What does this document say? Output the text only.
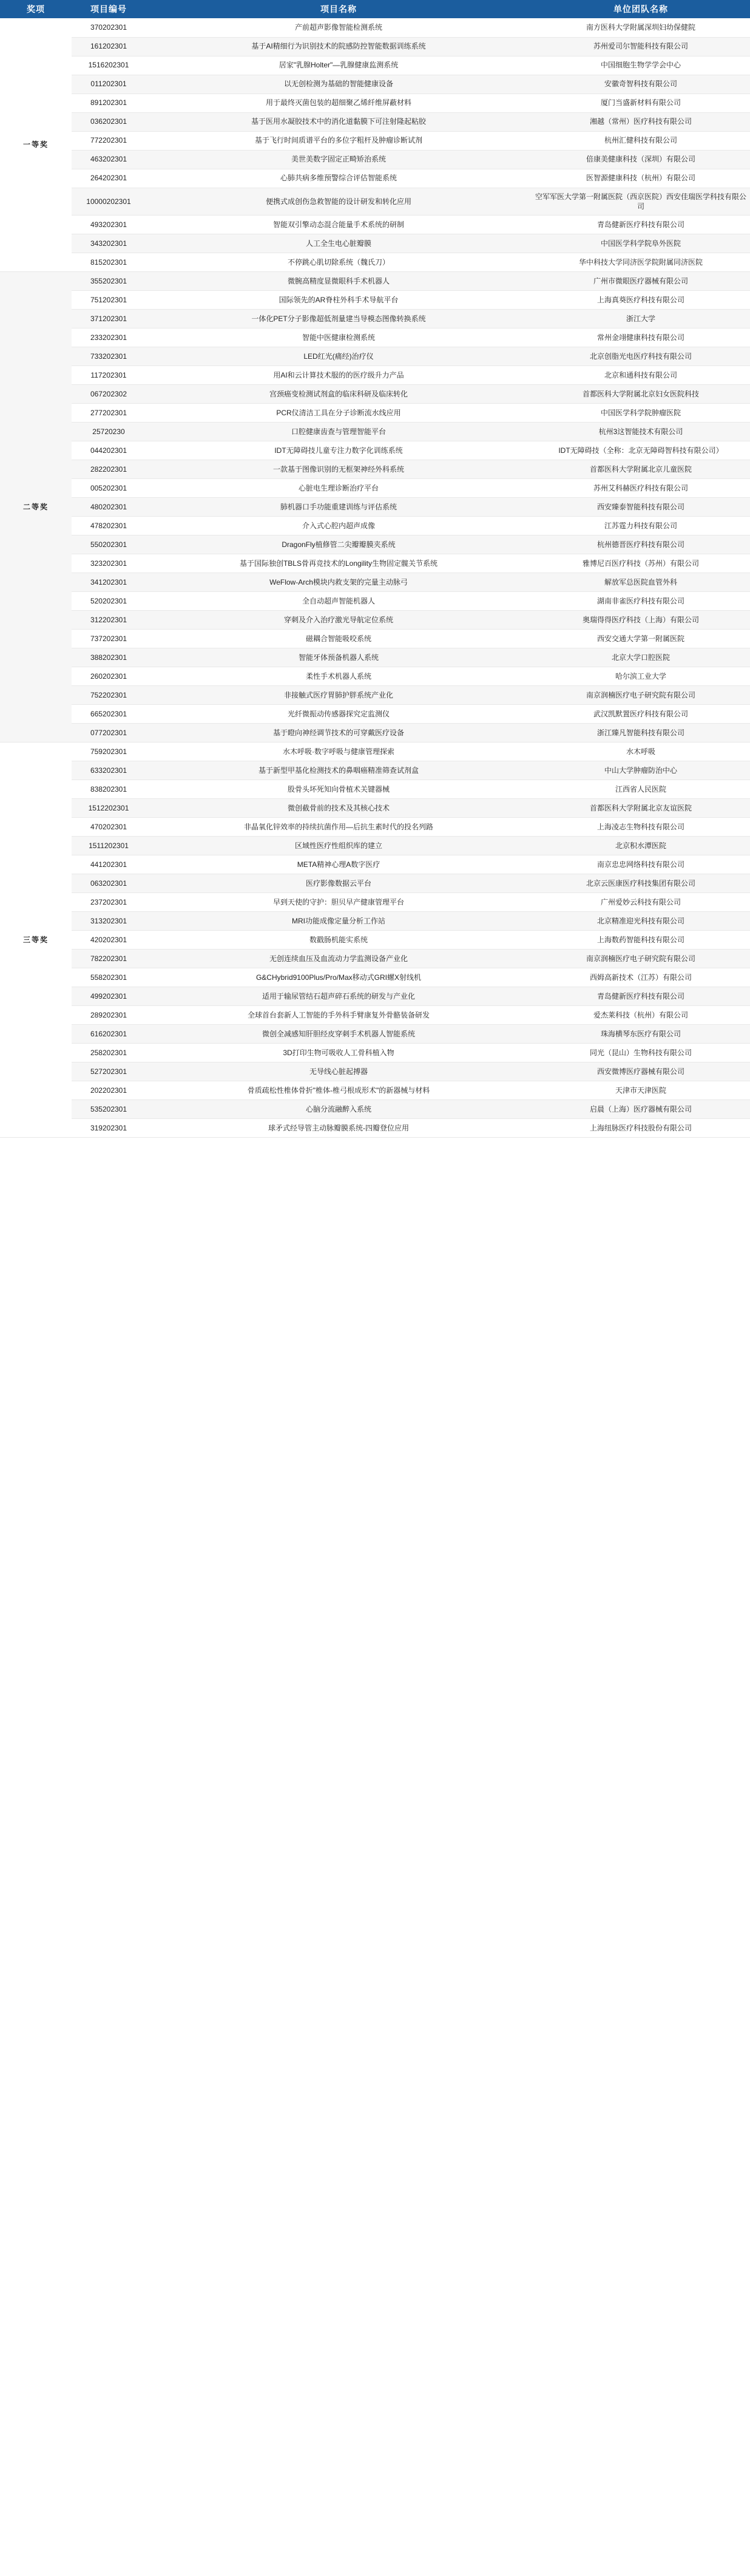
奖项	项目编号	项目名称	单位团队名称
一等奖	370202301	产前超声影像智能检测系统	南方医科大学附属深圳妇幼保健院
	161202301	基于AI精细行为识别技术的院感防控智能数据训练系统	苏州爱司尔智能科技有限公司
	1516202301	居家"乳腺Holter"—乳腺健康监测系统	中国细胞生物学学会中心
	011202301	以无创检测为基础的智能健康设备	安徽奇智科技有限公司
	891202301	用于最终灭菌包装的超细聚乙烯纤维屏蔽材料	厦门当盛新材料有限公司
	036202301	基于医用水凝胶技术中的消化道黏膜下可注射隆起粘胶	湘越（常州）医疗科技有限公司
	772202301	基于飞行时间质谱平台的多位字粗杆及肿瘤诊断试剂	杭州汇健科技有限公司
	463202301	美世美数字固定正畸矫治系统	倍康美健康科技（深圳）有限公司
	264202301	心肺共病多维预警综合评估智能系统	医智源健康科技（杭州）有限公司
	10000202301	便携式成创伤急救智能的设计研发和转化应用	空军军医大学第一附属医院（西京医院）西安佳瑞医学科技有限公司
	493202301	智能双引擎动态混合能量手术系统的研制	青岛健新医疗科技有限公司
	343202301	人工全生电心脏瓣膜	中国医学科学院阜外医院
	815202301	不停跳心肌切除系统（魏氏刀）	华中科技大学同济医学院附属同济医院
二等奖	355202301	微腕高精度显微眼科手术机器人	广州市微眼医疗器械有限公司
	751202301	国际领先的AR脊柱外科手术导航平台	上海真葵医疗科技有限公司
	371202301	一体化PET分子影像超低剂量建当导模态图像转换系统	浙江大学
	233202301	智能中医健康检测系统	常州金翊健康科技有限公司
	733202301	LED红光(痛经)治疗仪	北京创脂光电医疗科技有限公司
	117202301	用AI和云计算技术服的的医疗级升力产品	北京和通科技有限公司
	067202302	宫颈癌变检测试剂盒的临床科研及临床转化	首都医科大学附属北京妇女医院科技
	277202301	PCR仪清洁工具在分子诊断流水线应用	中国医学科学院肿瘤医院
	25720230	口腔健康齿查与管理智能平台	杭州3这智能技术有限公司
	044202301	IDT无障碍技儿童专注力数字化训练系统	IDT无障碍技（全称：北京无障碍智科技有限公司）
	282202301	一款基于图像识别的无框架神经外科系统	首都医科大学附属北京儿童医院
	005202301	心脏电生理诊断治疗平台	苏州艾科赫医疗科技有限公司
	480202301	肺机器口手功能重建训练与评估系统	西安臻泰智能科技有限公司
	478202301	介入式心腔内超声成像	江苏霆力科技有限公司
	550202301	DragonFly植修管二尖瓣瓣膜夹系统	杭州德晋医疗科技有限公司
	323202301	基于国际独创TBLS骨再竞技术的Longility生物固定髋关节系统	雅博尼百医疗科技（苏州）有限公司
	341202301	WeFlow-Arch模块内救支架的完量主动脉弓	解放军总医院血管外科
	520202301	全自动超声智能机器人	湖南非雀医疗科技有限公司
	312202301	穿刺及介入治疗激光导航定位系统	奥瑞得得医疗科技（上海）有限公司
	737202301	磁耦合智能吸咬系统	西安交通大学第一附属医院
	388202301	智能牙体预备机器人系统	北京大学口腔医院
	260202301	柔性手术机器人系统	哈尔滨工业大学
	752202301	非接触式医疗胃肺护胖系统产业化	南京润楠医疗电子研究院有限公司
	665202301	光纤微振动传感器探究定监测仪	武汉凯默置医疗科技有限公司
	077202301	基于瞪向神经调节技术的可穿戴医疗设备	浙江臻凡智能科技有限公司
三等奖	759202301	水木呼吸·数字呼吸与健康管理探索	水木呼吸
	633202301	基于新型甲基化检测技术的鼻咽癌精准筛查试剂盒	中山大学肿瘤防治中心
	838202301	股骨头坏死知向骨植术关键器械	江西省人民医院
	1512202301	微创截骨前的技术及其核心技术	首都医科大学附属北京友谊医院
	470202301	非晶氧化锌效率的持续抗菌作用—后抗生素时代的投名列路	上海凌志生物科技有限公司
	1511202301	区域性医疗性组织库的建立	北京积水潭医院
	441202301	META精神心理A数字医疗	南京忠忠网络科技有限公司
	063202301	医疗影像数据云平台	北京云医康医疗科技集团有限公司
	237202301	早到天使的守护：胆贝早产健康管理平台	广州爱妙云科技有限公司
	313202301	MRI功能成像定量分析工作站	北京精准迎光科技有限公司
	420202301	数戳肠机能实系统	上海数药智能科技有限公司
	782202301	无创连续血压及血流动力学监测设备产业化	南京润楠医疗电子研究院有限公司
	558202301	G&CHybrid9100Plus/Pro/Max移动式GRI螺X射线机	西姆高新技术（江苏）有限公司
	499202301	适用于输尿管结石超声碎石系统的研发与产业化	青岛健新医疗科技有限公司
	289202301	全球首台套新人工智能的手外科手臂康复外骨骼装备研发	爱杰莱科技（杭州）有限公司
	616202301	微创全减感知肝胆经皮穿刺手术机器人智能系统	珠海横琴东医疗有限公司
	258202301	3D打印生物可吸收人工骨科植入物	同光（昆山）生物科技有限公司
	527202301	无导线心脏起搏器	西安微博医疗器械有限公司
	202202301	骨质疏松性椎体骨折"椎体-椎弓根成形术"的新器械与材料	天津市天津医院
	535202301	心脑分流融醉入系统	启晨（上海）医疗器械有限公司
	319202301	球矛式经导管主动脉瓣膜系统-四瓣登位应用	上海纽脉医疗科技股份有限公司
